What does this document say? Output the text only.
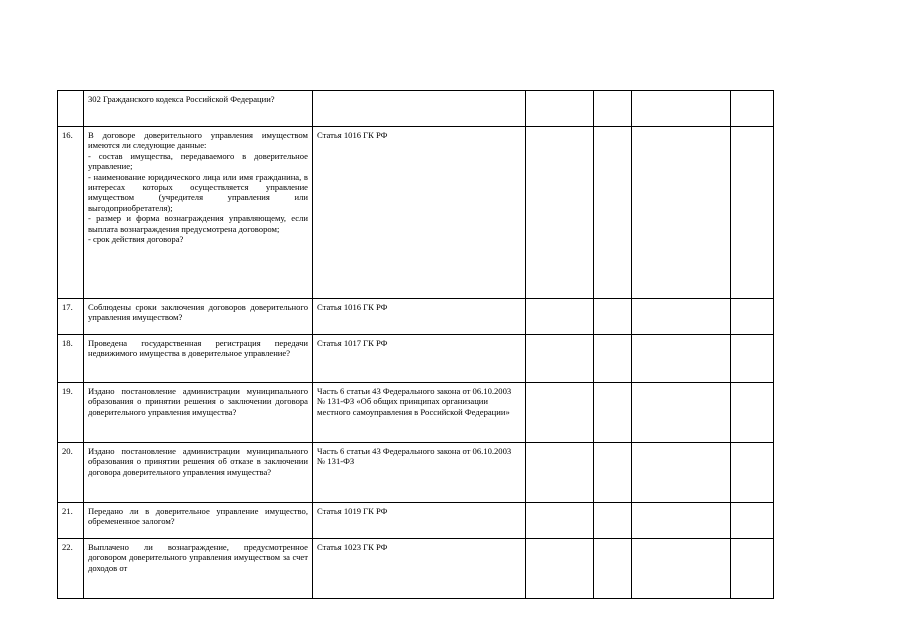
	302 Гражданского кодекса Российской Федерации?					

16.	В договоре доверительного управления имуществом имеются ли следующие данные:
- состав имущества, передаваемого в доверительное управление;
- наименование юридического лица или имя гражданина, в интересах которых осуществляется управление имуществом (учредителя управления или выгодоприобретателя);
- размер и форма вознаграждения управляющему, если выплата вознаграждения предусмотрена договором;
- срок действия договора?	Статья 1016 ГК РФ				
17.	Соблюдены сроки заключения договоров доверительного управления имуществом?	Статья 1016 ГК РФ				
18.	Проведена государственная регистрация передачи недвижимого имущества в доверительное управление?	Статья 1017 ГК РФ				
19.	Издано постановление администрации муниципального образования о принятии решения о заключении договора доверительного управления имущества?	Часть 6 статьи 43 Федерального закона от 06.10.2003 № 131-ФЗ «Об общих принципах организации местного самоуправления в Российской Федерации»				
20.	Издано постановление администрации муниципального образования о принятии решения об отказе в заключении договора доверительного управления имущества?	Часть 6 статьи 43 Федерального закона от 06.10.2003 № 131-ФЗ				
21.	Передано ли в доверительное управление имущество, обремененное залогом?	Статья 1019 ГК РФ				
22.	Выплачено ли вознаграждение, предусмотренное договором доверительного управления имуществом за счет доходов от	Статья 1023 ГК РФ				
